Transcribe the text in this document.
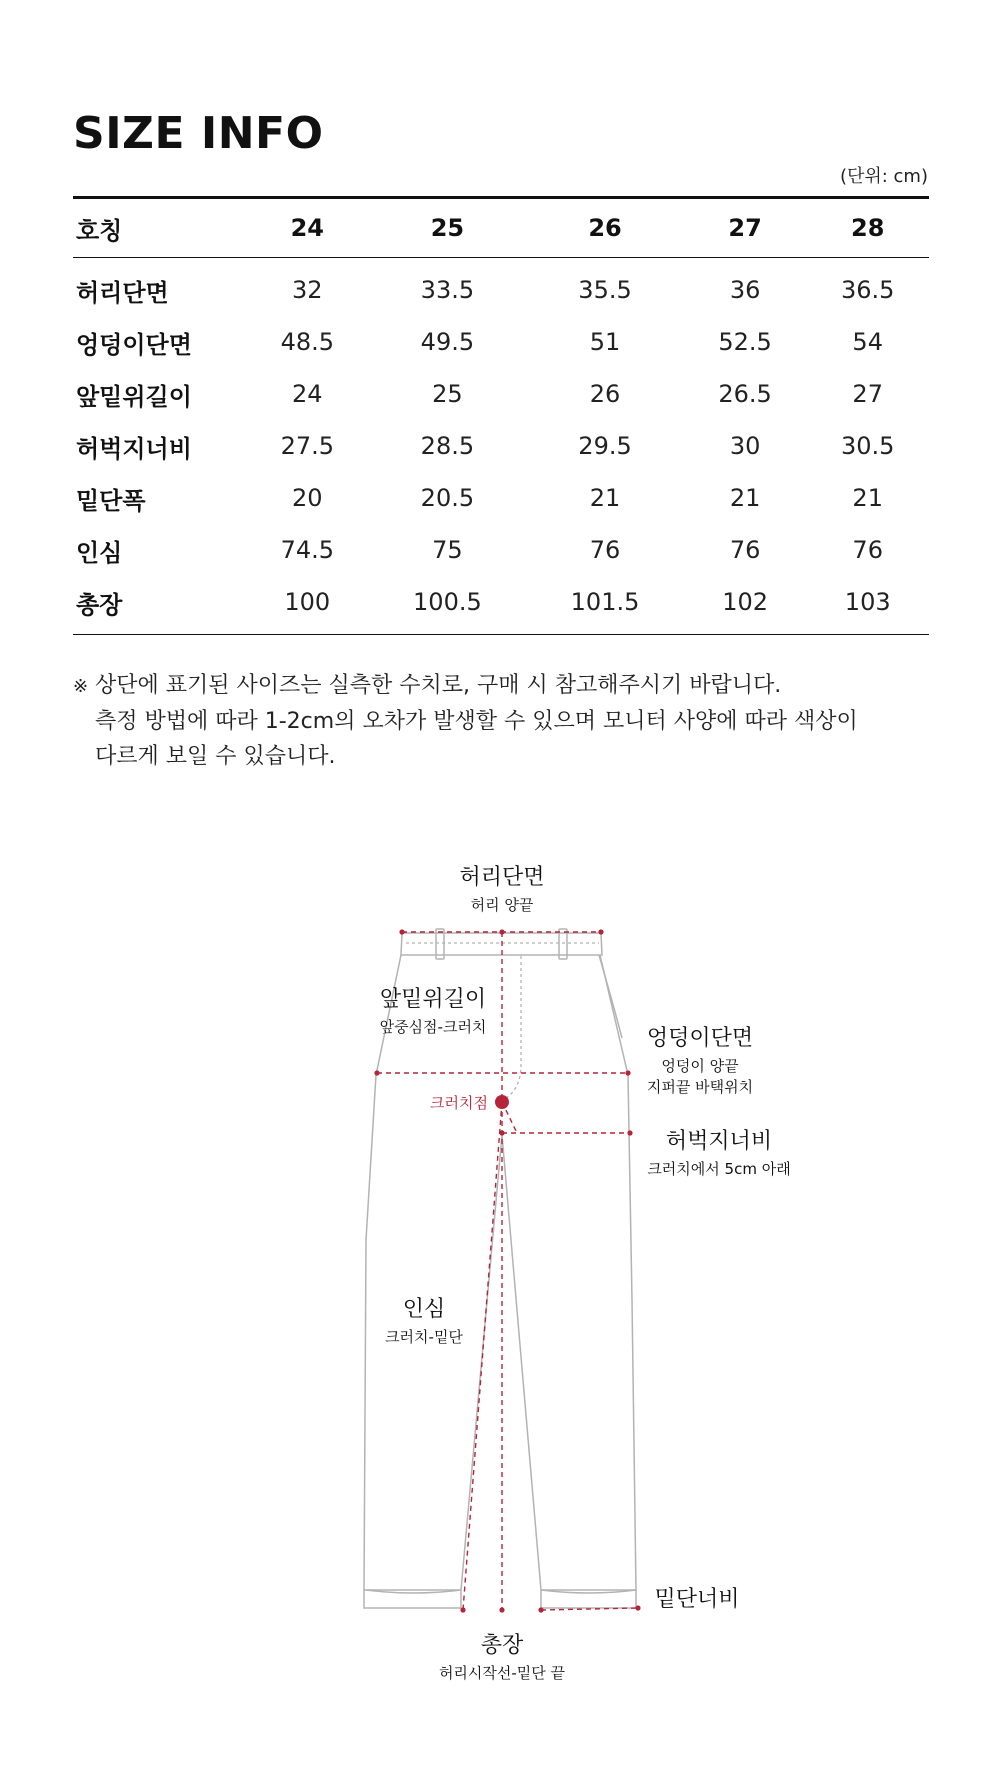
SIZE INFO
(단위: cm)
호칭	24	25	26	27	28
허리단면	32	33.5	35.5	36	36.5
엉덩이단면	48.5	49.5	51	52.5	54
앞밑위길이	24	25	26	26.5	27
허벅지너비	27.5	28.5	29.5	30	30.5
밑단폭	20	20.5	21	21	21
인심	74.5	75	76	76	76
총장	100	100.5	101.5	102	103
※ 상단에 표기된 사이즈는 실측한 수치로, 구매 시 참고해주시기 바랍니다.
측정 방법에 따라 1-2cm의 오차가 발생할 수 있으며 모니터 사양에 따라 색상이
다르게 보일 수 있습니다.
허리단면
허리 양끝
앞밑위길이
앞중심점-크러치	엉덩이단면
엉덩이 양끝
지퍼끝 바택위치
크러치점
허벅지너비
크러치에서 5cm 아래
인심
크러치-밑단
밑단너비
총장
허리시작선-밑단 끝
